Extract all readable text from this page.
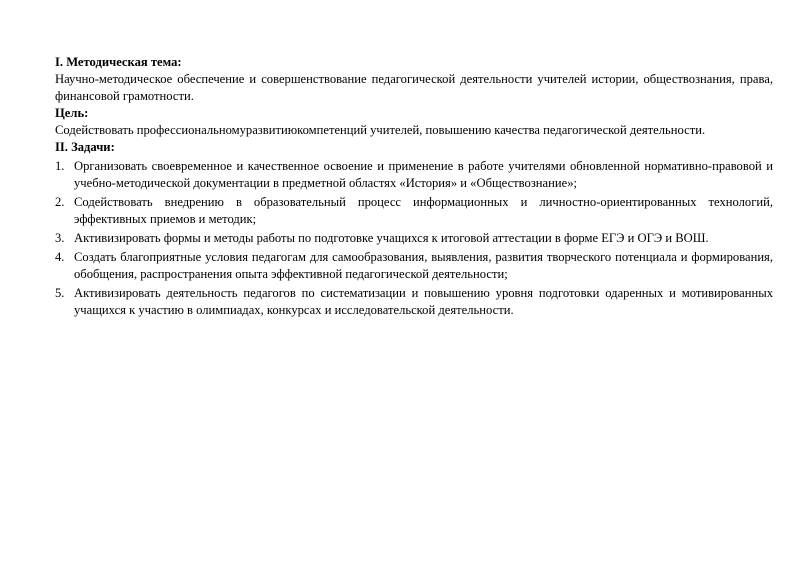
I. Методическая тема:

Научно-методическое обеспечение и совершенствование педагогической деятельности учителей истории, обществознания, права, финансовой грамотности.

Цель:

Содействовать профессиональномуразвитиюкомпетенций учителей, повышению качества педагогической деятельности.

II. Задачи:

1. Организовать своевременное и качественное освоение и применение в работе учителями обновленной нормативно-правовой и учебно-методической документации в предметной областях «История» и «Обществознание»;
2. Содействовать внедрению в образовательный процесс информационных и личностно-ориентированных технологий, эффективных приемов и методик;
3. Активизировать формы и методы работы по подготовке учащихся к итоговой аттестации в форме ЕГЭ и ОГЭ и ВОШ.
4. Создать благоприятные условия педагогам для самообразования, выявления, развития творческого потенциала и формирования, обобщения, распространения опыта эффективной педагогической деятельности;
5. Активизировать деятельность педагогов по систематизации и повышению уровня подготовки одаренных и мотивированных учащихся к участию в олимпиадах, конкурсах и исследовательской деятельности.
